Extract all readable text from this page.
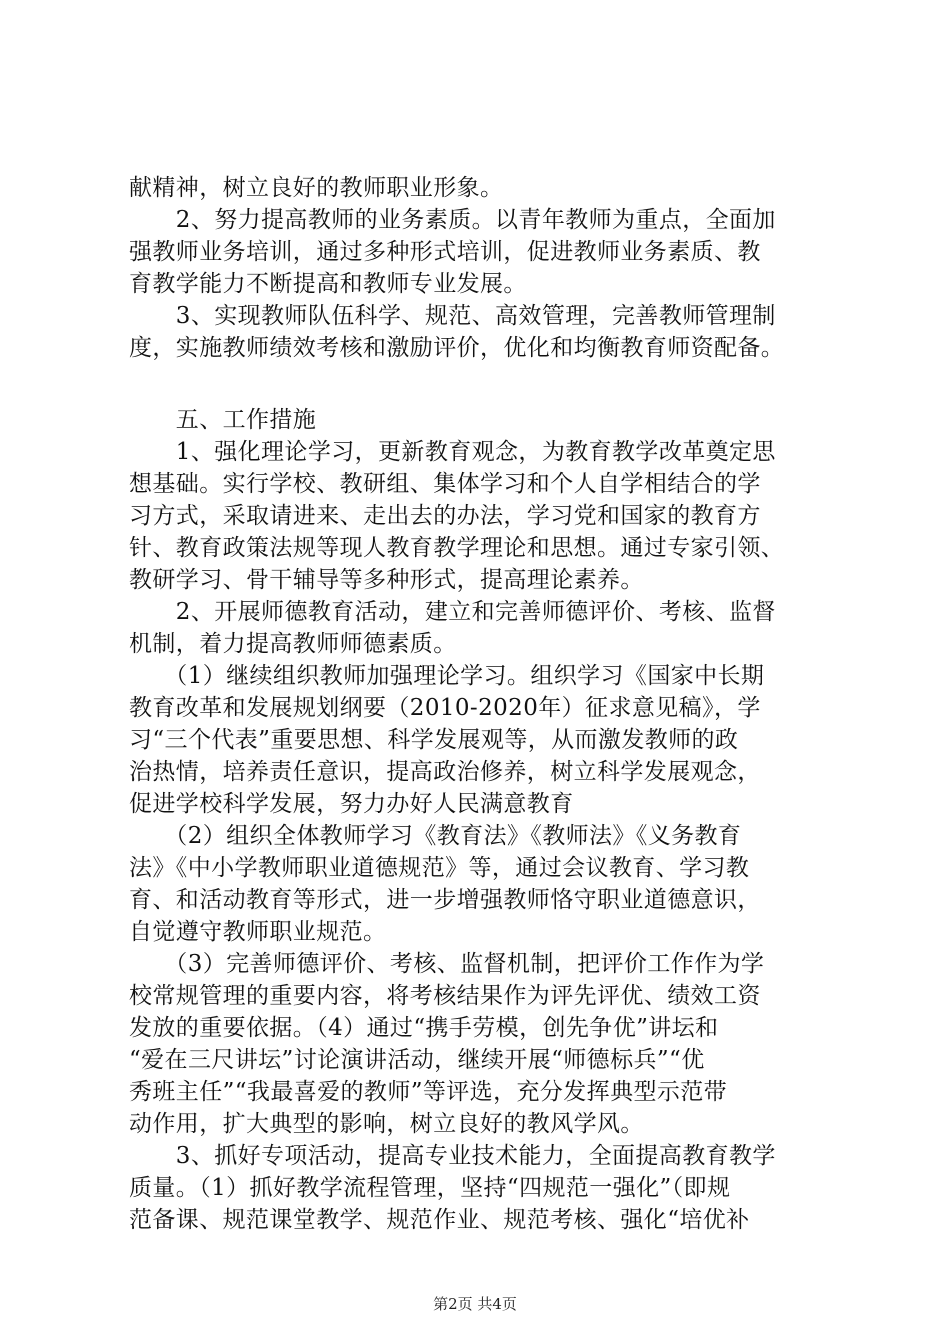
献精神，树立良好的教师职业形象。
　　2、努力提高教师的业务素质。以青年教师为重点，全面加
强教师业务培训，通过多种形式培训，促进教师业务素质、教
育教学能力不断提高和教师专业发展。
　　3、实现教师队伍科学、规范、高效管理，完善教师管理制
度，实施教师绩效考核和激励评价，优化和均衡教育师资配备。
　　五、工作措施
　　1、强化理论学习，更新教育观念，为教育教学改革奠定思
想基础。实行学校、教研组、集体学习和个人自学相结合的学
习方式，采取请进来、走出去的办法，学习党和国家的教育方
针、教育政策法规等现人教育教学理论和思想。通过专家引领、
教研学习、骨干辅导等多种形式，提高理论素养。
　　2、开展师德教育活动，建立和完善师德评价、考核、监督
机制，着力提高教师师德素质。
　　（1）继续组织教师加强理论学习。组织学习《国家中长期
教育改革和发展规划纲要（2010-2020年）征求意见稿》，学
习“三个代表”重要思想、科学发展观等，从而激发教师的政
治热情，培养责任意识，提高政治修养，树立科学发展观念，
促进学校科学发展，努力办好人民满意教育
　　（2）组织全体教师学习《教育法》《教师法》《义务教育
法》《中小学教师职业道德规范》等，通过会议教育、学习教
育、和活动教育等形式，进一步增强教师恪守职业道德意识，
自觉遵守教师职业规范。
　　（3）完善师德评价、考核、监督机制，把评价工作作为学
校常规管理的重要内容，将考核结果作为评先评优、绩效工资
发放的重要依据。（4）通过“携手劳模，创先争优”讲坛和
“爱在三尺讲坛”讨论演讲活动，继续开展“师德标兵”“优
秀班主任”“我最喜爱的教师”等评选，充分发挥典型示范带
动作用，扩大典型的影响，树立良好的教风学风。
　　3、抓好专项活动，提高专业技术能力，全面提高教育教学
质量。（1）抓好教学流程管理，坚持“四规范一强化”（即规
范备课、规范课堂教学、规范作业、规范考核、强化“培优补
第2页 共4页
